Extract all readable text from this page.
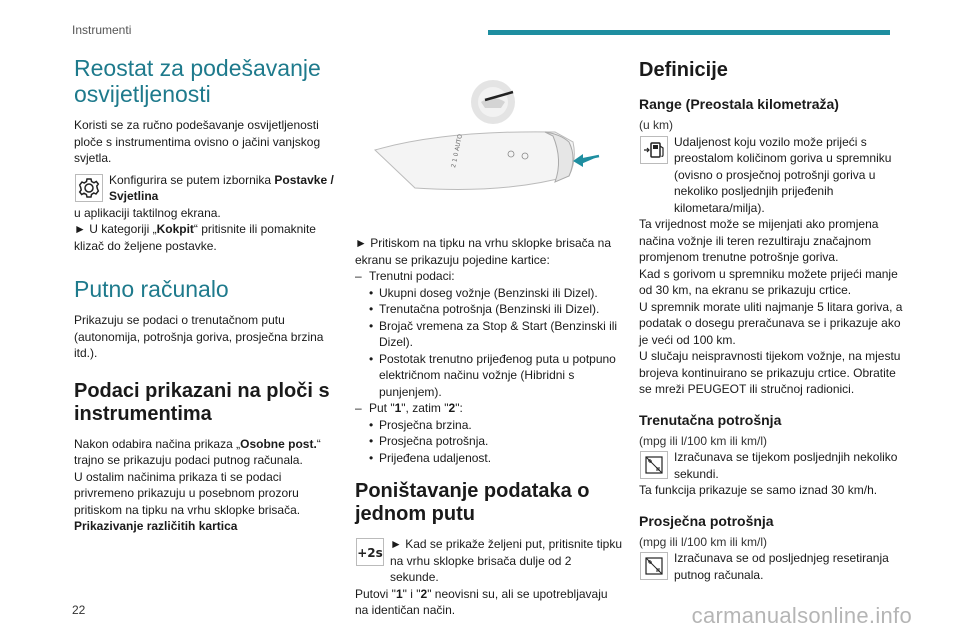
Instrumenti
Reostat za podešavanje osvijetljenosti

Koristi se za ručno podešavanje osvijetljenosti ploče s instrumentima ovisno o jačini vanjskog svjetla.

Konfigurira se putem izbornika Postavke / Svjetlina

u aplikaciji taktilnog ekrana.

► U kategoriji „Kokpit“ pritisnite ili pomaknite klizač do željene postavke.

Putno računalo

Prikazuju se podaci o trenutačnom putu (autonomija, potrošnja goriva, prosječna brzina itd.).

Podaci prikazani na ploči s instrumentima

Nakon odabira načina prikaza „Osobne post.“ trajno se prikazuju podaci putnog računala.

U ostalim načinima prikaza ti se podaci privremeno prikazuju u posebnom prozoru pritiskom na tipku na vrhu sklopke brisača.

Prikazivanje različitih kartica

2 1 0 AUTO

► Pritiskom na tipku na vrhu sklopke brisača na ekranu se prikazuju pojedine kartice:

– Trenutni podaci:
• Ukupni doseg vožnje (Benzinski ili Dizel).
• Trenutačna potrošnja (Benzinski ili Dizel).
• Brojač vremena za Stop & Start (Benzinski ili Dizel).
• Postotak trenutno prijeđenog puta u potpuno električnom načinu vožnje (Hibridni s punjenjem).
– Put "1", zatim "2":
• Prosječna brzina.
• Prosječna potrošnja.
• Prijeđena udaljenost.
Poništavanje podataka o jednom putu
+2s

► Kad se prikaže željeni put, pritisnite tipku na vrhu sklopke brisača dulje od 2 sekunde.

Putovi "1" i "2" neovisni su, ali se upotrebljavaju na identičan način.

Definicije
Range (Preostala kilometraža)

(u km)

Udaljenost koju vozilo može prijeći s preostalom količinom goriva u spremniku (ovisno o prosječnoj potrošnji goriva u nekoliko posljednjih prijeđenih kilometara/milja).

Ta vrijednost može se mijenjati ako promjena načina vožnje ili teren rezultiraju značajnom promjenom trenutne potrošnje goriva.

Kad s gorivom u spremniku možete prijeći manje od 30 km, na ekranu se prikazuju crtice.

U spremnik morate uliti najmanje 5 litara goriva, a podatak o dosegu preračunava se i prikazuje ako je veći od 100 km.

U slučaju neispravnosti tijekom vožnje, na mjestu brojeva kontinuirano se prikazuju crtice. Obratite se mreži PEUGEOT ili stručnoj radionici.

Trenutačna potrošnja

(mpg ili l/100 km ili km/l)

Izračunava se tijekom posljednjih nekoliko sekundi.

Ta funkcija prikazuje se samo iznad 30 km/h.

Prosječna potrošnja

(mpg ili l/100 km ili km/l)

Izračunava se od posljednjeg resetiranja putnog računala.

22	carmanualsonline.info
